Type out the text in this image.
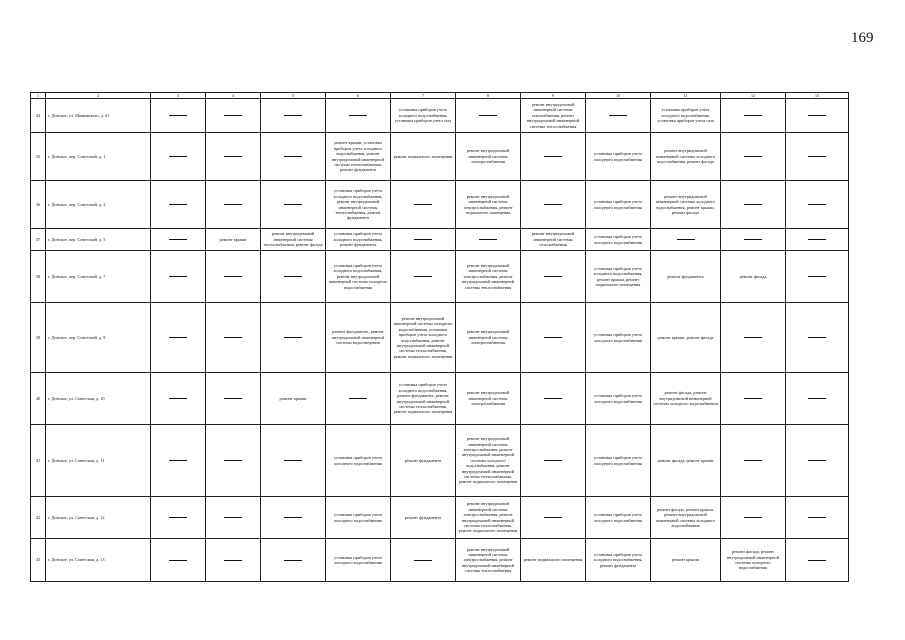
169
1	2	3	4	5	6	7	8	9	10	11	12	13
34	г. Донское, ул. Маяковского, д. 61					установка приборов учета холодного водоснабжения, установка приборов учета газа		ремонт внутридомовой инженерной системы газоснабжения, ремонт внутридомовой инженерной системы теплоснабжения		установка приборов учета холодного водоснабжения, установка приборов учета газа		
35	г. Донское, пер. Советский, д. 1				ремонт крыши, установка приборов учета холодного водоснабжения, ремонт внутридомовой инженерной системы теплоснабжения, ремонт фундамента	ремонт подвального помещения	ремонт внутридомовой инженерной системы электроснабжения		установка приборов учета холодного водоснабжения	ремонт внутридомовой инженерной системы холодного водоснабжения, ремонт фасада		
36	г. Донское, пер. Советский, д. 2				установка приборов учета холодного водоснабжения, ремонт внутридомовой инженерной системы теплоснабжения, ремонт фундамента		ремонт внутридомовой инженерной системы электроснабжения, ремонт подвального помещения		установка приборов учета холодного водоснабжения	ремонт внутридомовой инженерной системы холодного водоснабжения, ремонт крыши, ремонт фасада		
37	г. Донское, пер. Советский, д. 5		ремонт крыши	ремонт внутридомовой инженерной системы теплоснабжения, ремонт фасада	установка приборов учета холодного водоснабжения, ремонт фундамента			ремонт внутридомовой инженерной системы газоснабжения	установка приборов учета холодного водоснабжения			
38	г. Донское, пер. Советский, д. 7				установка приборов учета холодного водоснабжения, ремонт внутридомовой инженерной системы холодного водоснабжения		ремонт внутридомовой инженерной системы электроснабжения, ремонт внутридомовой инженерной системы теплоснабжения		установка приборов учета холодного водоснабжения, ремонт крыши, ремонт подвального помещения	ремонт фундамента	ремонт фасада	
39	г. Донское, пер. Советский, д. 9				ремонт фундамента, ремонт внутридомовой инженерной системы водоотведения	ремонт внутридомовой инженерной системы холодного водоснабжения, установка приборов учета холодного водоснабжения, ремонт внутридомовой инженерной системы теплоснабжения, ремонт подвального помещения	ремонт внутридомовой инженерной системы электроснабжения		установка приборов учета холодного водоснабжения	ремонт крыши, ремонт фасада		
40	г. Донское, ул. Советская, д. 10			ремонт крыши		установка приборов учета холодного водоснабжения, ремонт фундамента, ремонт внутридомовой инженерной системы теплоснабжения, ремонт подвального помещения	ремонт внутридомовой инженерной системы электроснабжения		установка приборов учета холодного водоснабжения	ремонт фасада, ремонт внутридомовой инженерной системы холодного водоснабжения		
41	г. Донское, ул. Советская, д. 11				установка приборов учета холодного водоснабжения	ремонт фундамента	ремонт внутридомовой инженерной системы электроснабжения, ремонт внутридомовой инженерной системы холодного водоснабжения, ремонт внутридомовой инженерной системы теплоснабжения, ремонт подвального помещения		установка приборов учета холодного водоснабжения	ремонт фасада, ремонт крыши		
42	г. Донское, ул. Советская, д. 12				установка приборов учета холодного водоснабжения	ремонт фундамента	ремонт внутридомовой инженерной системы электроснабжения, ремонт внутридомовой инженерной системы теплоснабжения, ремонт подвального помещения		установка приборов учета холодного водоснабжения	ремонт фасада, ремонт крыши, ремонт внутридомовой инженерной системы холодного водоснабжения		
43	г. Донское, ул. Советская, д. 13				установка приборов учета холодного водоснабжения		ремонт внутридомовой инженерной системы электроснабжения, ремонт внутридомовой инженерной системы теплоснабжения	ремонт подвального помещения	установка приборов учета холодного водоснабжения, ремонт фундамента	ремонт крыши	ремонт фасада, ремонт внутридомовой инженерной системы холодного водоснабжения	
